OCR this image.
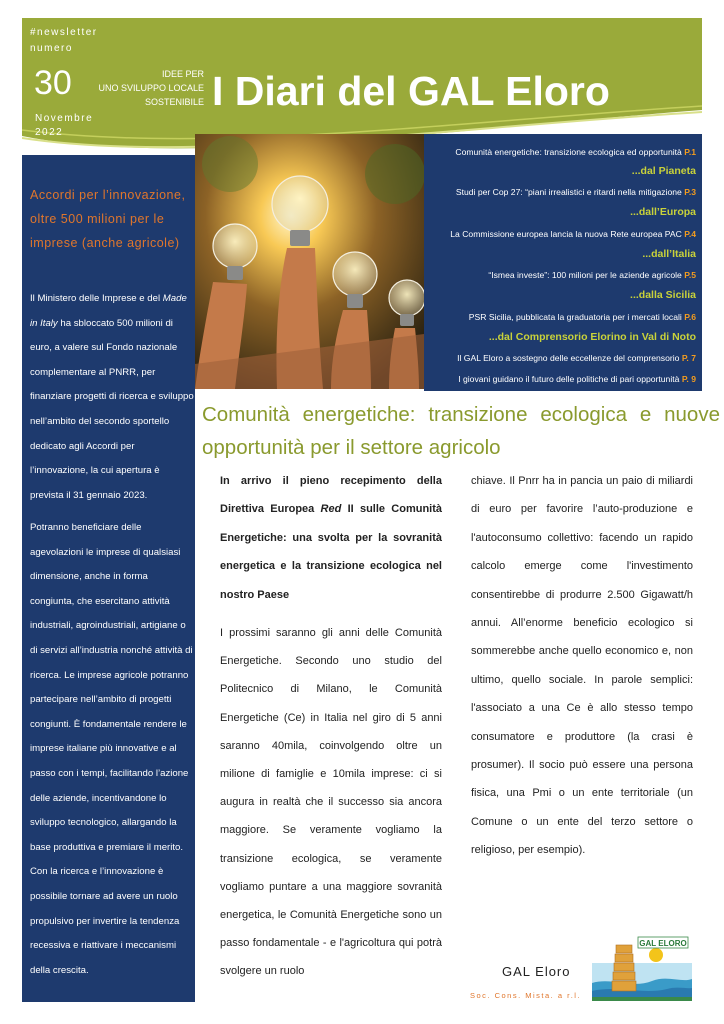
#newsletter
numero
30
Novembre
2022
IDEE PER
UNO SVILUPPO LOCALE
SOSTENIBILE I Diari del GAL Eloro
Accordi per l’innovazione, oltre 500 milioni per le imprese (anche agricole)
Il Ministero delle Imprese e del Made in Italy ha sbloccato 500 milioni di euro, a valere sul Fondo nazionale complementare al PNRR, per finanziare progetti di ricerca e sviluppo nell’ambito del secondo sportello dedicato agli Accordi per l’innovazione, la cui apertura è prevista il 31 gennaio 2023.
Potranno beneficiare delle agevolazioni le imprese di qualsiasi dimensione, anche in forma congiunta, che esercitano attività industriali, agroindustriali, artigiane o di servizi all’industria nonché attività di ricerca. Le imprese agricole potranno partecipare nell’ambito di progetti congiunti. È fondamentale rendere le imprese italiane più innovative e al passo con i tempi, facilitando l’azione delle aziende, incentivandone lo sviluppo tecnologico, allargando la base produttiva e premiare il merito. Con la ricerca e l’innovazione è possibile tornare ad avere un ruolo propulsivo per invertire la tendenza recessiva e riattivare i meccanismi della crescita.
Comunità energetiche: transizione ecologica ed opportunità P.1
...dal Pianeta
Studi per Cop 27: “piani irrealistici e ritardi nella mitigazione P.3
...dall’Europa
La Commissione europea lancia la nuova Rete europea PAC P.4
...dall’Italia
“Ismea investe”: 100 milioni per le aziende agricole P.5
...dalla Sicilia
PSR Sicilia, pubblicata la graduatoria per i mercati locali P.6
...dal Comprensorio Elorino in Val di Noto
Il GAL Eloro a sostegno delle eccellenze del comprensorio P. 7
I giovani guidano il futuro delle politiche di pari opportunità P. 9
Comunità energetiche: transizione ecologica e nuove opportunità per il settore agricolo
In arrivo il pieno recepimento della Direttiva Europea Red II sulle Comunità Energetiche: una svolta per la sovranità energetica e la transizione ecologica nel nostro Paese
I prossimi saranno gli anni delle Comunità Energetiche. Secondo uno studio del Politecnico di Milano, le Comunità Energetiche (Ce) in Italia nel giro di 5 anni saranno 40mila, coinvolgendo oltre un milione di famiglie e 10mila imprese: ci si augura in realtà che il successo sia ancora maggiore. Se veramente vogliamo la transizione ecologica, se veramente vogliamo puntare a una maggiore sovranità energetica, le Comunità Energetiche sono un passo fondamentale - e l'agricoltura qui potrà svolgere un ruolo
chiave. Il Pnrr ha in pancia un paio di miliardi di euro per favorire l’auto-produzione e l'autoconsumo collettivo: facendo un rapido calcolo emerge come l'investimento consentirebbe di produrre 2.500 Gigawatt/h annui. All’enorme beneficio ecologico si sommerebbe anche quello economico e, non ultimo, quello sociale. In parole semplici: l'associato a una Ce è allo stesso tempo consumatore e produttore (la crasi è prosumer). Il socio può essere una persona fisica, una Pmi o un ente territoriale (un Comune o un ente del terzo settore o religioso, per esempio).
GAL Eloro
Soc. Cons. Mista. a r.l.
GAL ELORO
